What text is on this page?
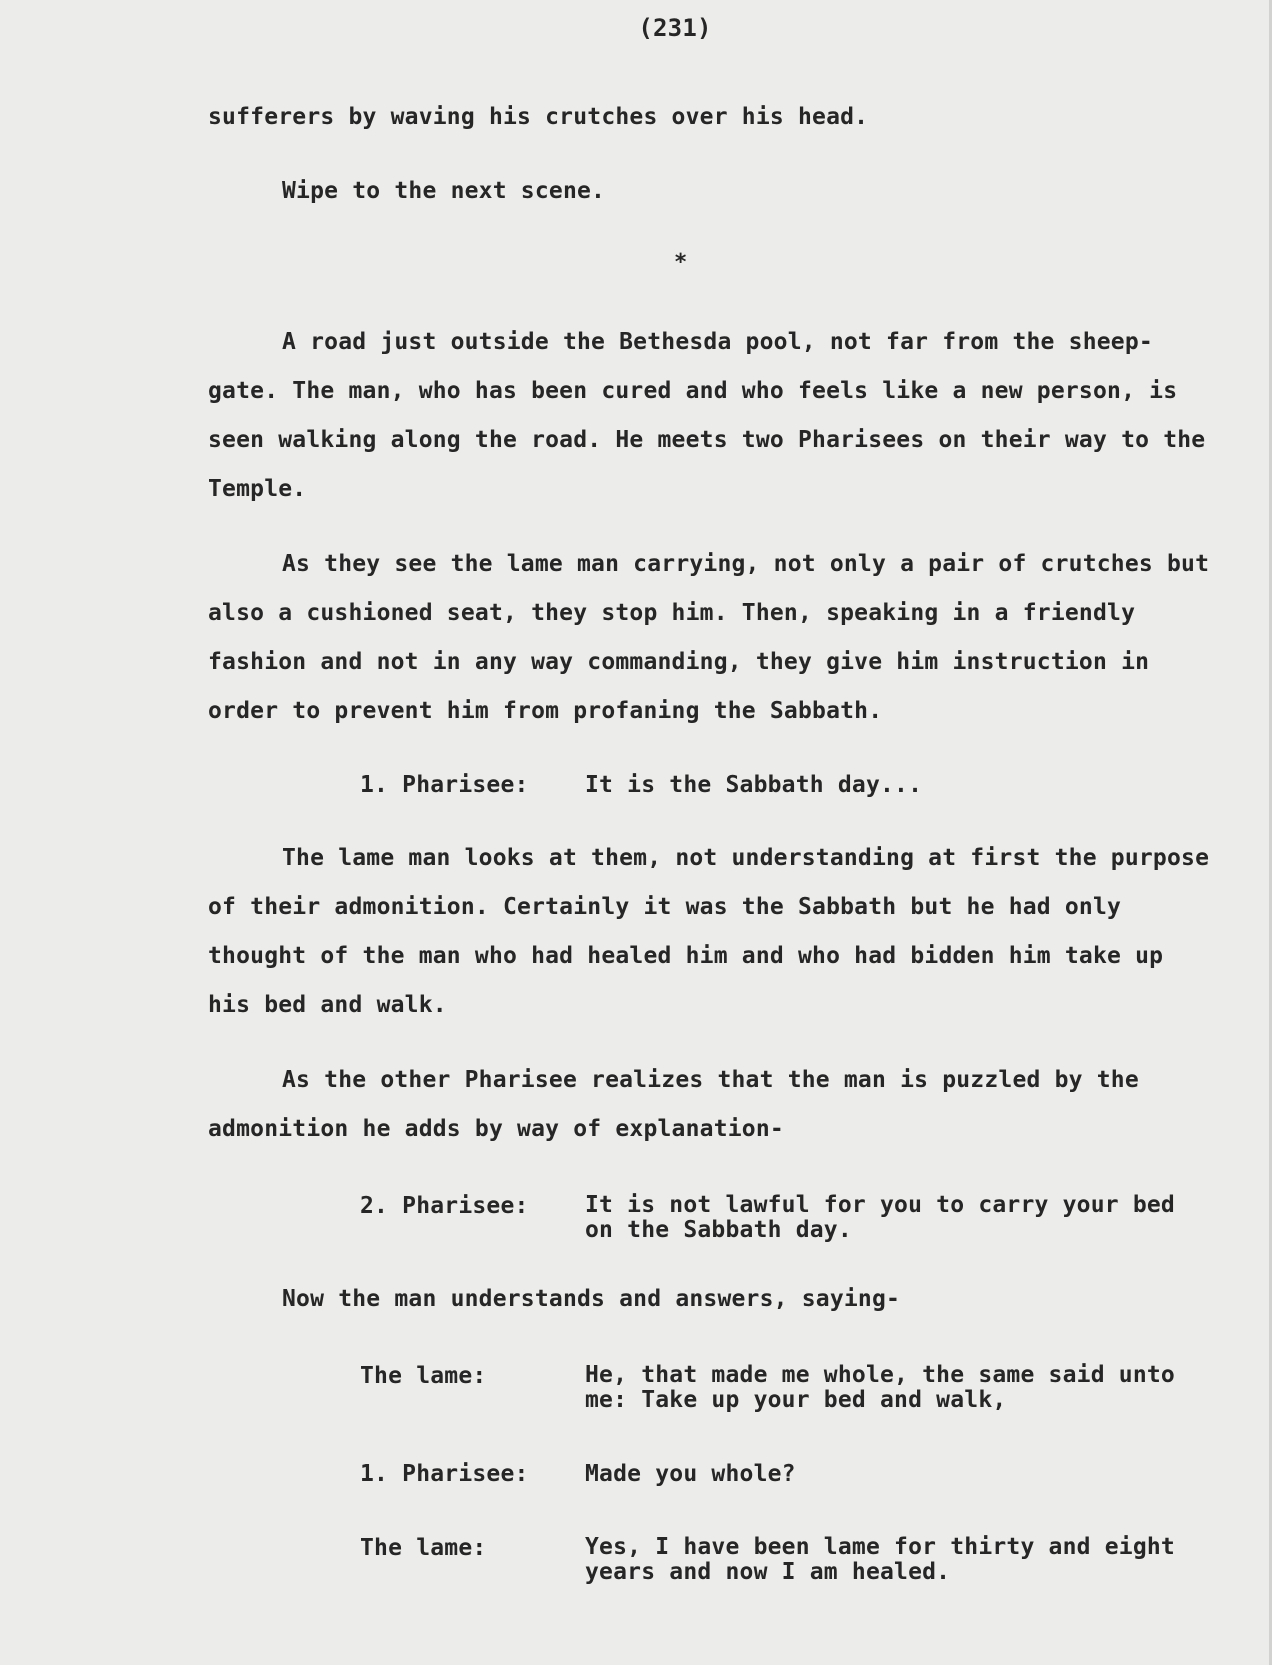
(231)

sufferers by waving his crutches over his head.

Wipe to the next scene.

*

A road just outside the Bethesda pool, not far from the sheep-gate. The man, who has been cured and who feels like a new person, is seen walking along the road. He meets two Pharisees on their way to the Temple.

As they see the lame man carrying, not only a pair of crutches but also a cushioned seat, they stop him. Then, speaking in a friendly fashion and not in any way commanding, they give him instruction in order to prevent him from profaning the Sabbath.

1. Pharisee: It is the Sabbath day...

The lame man looks at them, not understanding at first the purpose of their admonition. Certainly it was the Sabbath but he had only thought of the man who had healed him and who had bidden him take up his bed and walk.

As the other Pharisee realizes that the man is puzzled by the admonition he adds by way of explanation-

2. Pharisee: It is not lawful for you to carry your bed on the Sabbath day.

Now the man understands and answers, saying-

The lame:	He, that made me whole, the same said unto me: Take up your bed and walk,
1. Pharisee: Made you whole?
The lame:	Yes, I have been lame for thirty and eight years and now I am healed.
